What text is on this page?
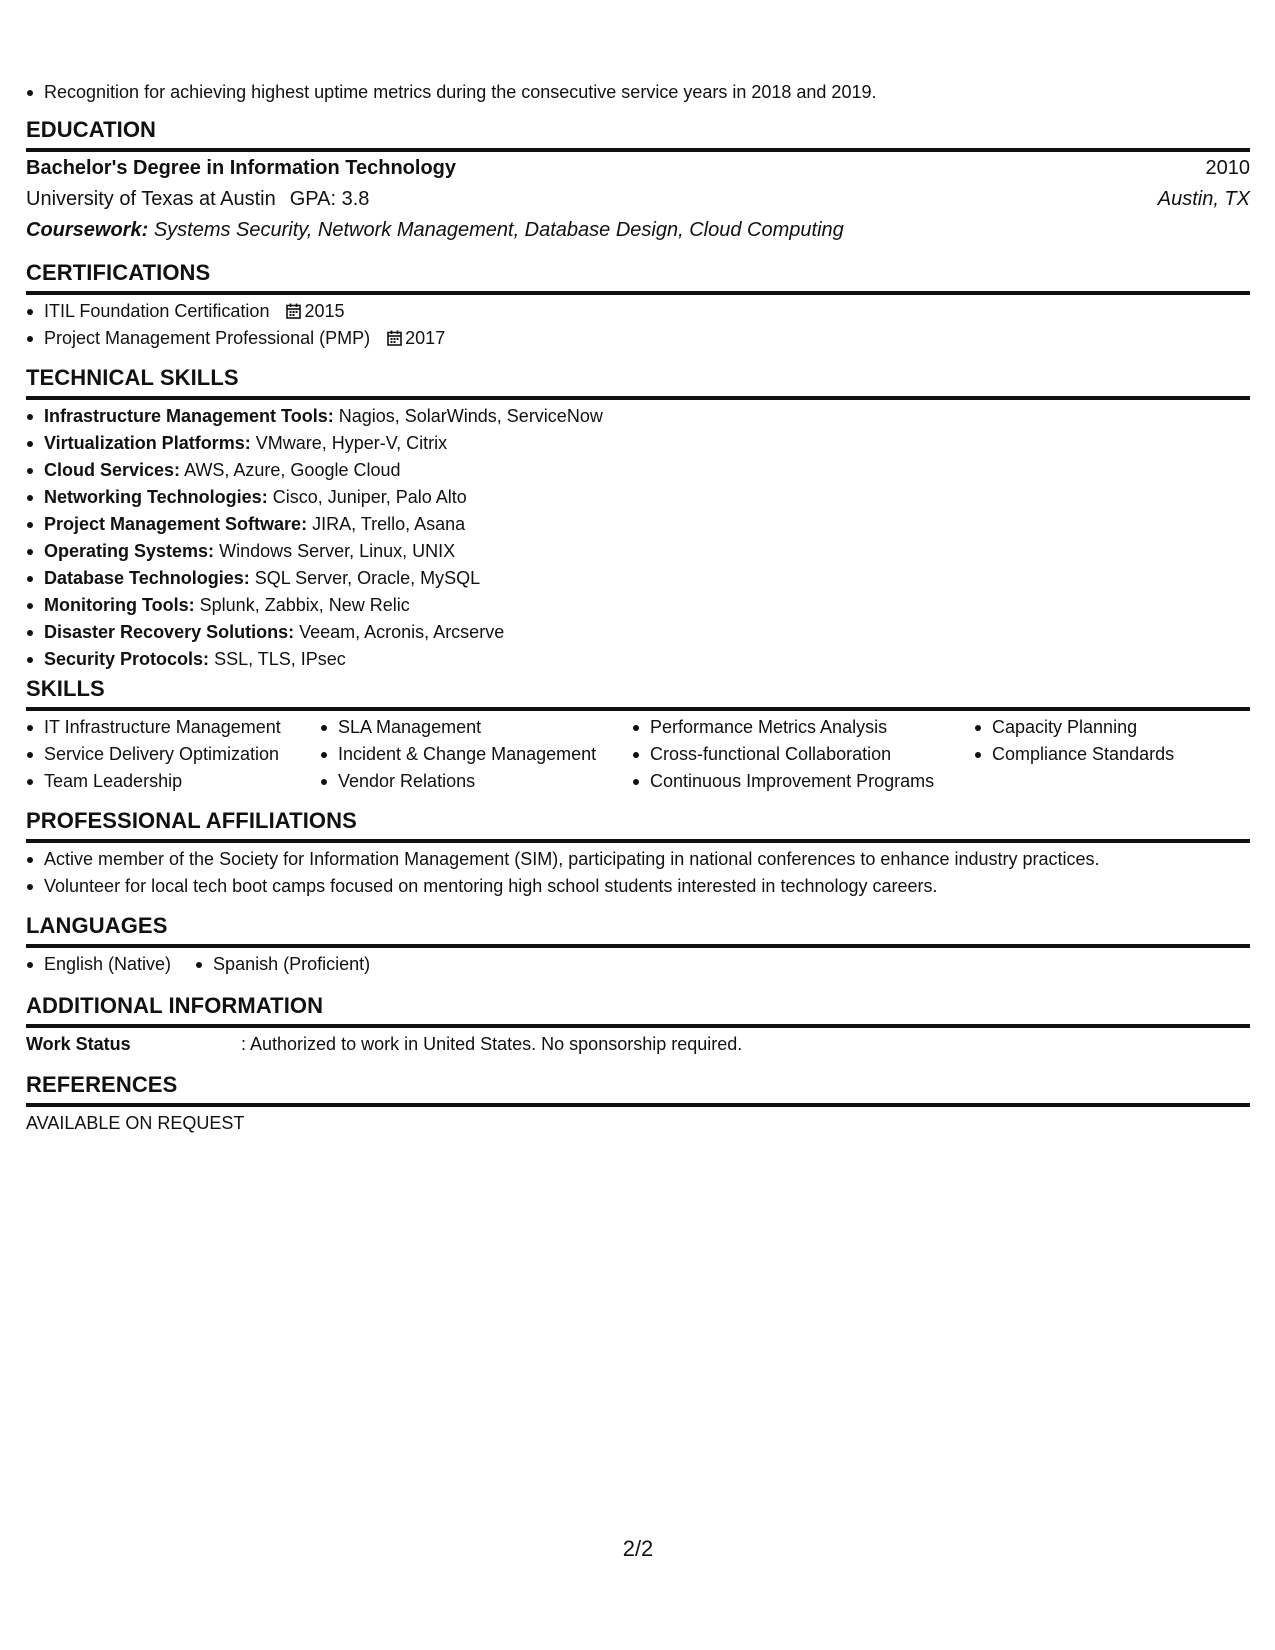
Recognition for achieving highest uptime metrics during the consecutive service years in 2018 and 2019.
EDUCATION
Bachelor's Degree in Information Technology	2010
University of Texas at Austin GPA: 3.8	Austin, TX
Coursework: Systems Security, Network Management, Database Design, Cloud Computing
CERTIFICATIONS
ITIL Foundation Certification 2015
Project Management Professional (PMP) 2017
TECHNICAL SKILLS
Infrastructure Management Tools: Nagios, SolarWinds, ServiceNow
Virtualization Platforms: VMware, Hyper-V, Citrix
Cloud Services: AWS, Azure, Google Cloud
Networking Technologies: Cisco, Juniper, Palo Alto
Project Management Software: JIRA, Trello, Asana
Operating Systems: Windows Server, Linux, UNIX
Database Technologies: SQL Server, Oracle, MySQL
Monitoring Tools: Splunk, Zabbix, New Relic
Disaster Recovery Solutions: Veeam, Acronis, Arcserve
Security Protocols: SSL, TLS, IPsec
SKILLS
IT Infrastructure Management
Service Delivery Optimization
Team Leadership
SLA Management
Incident & Change Management
Vendor Relations
Performance Metrics Analysis
Cross-functional Collaboration
Continuous Improvement Programs
Capacity Planning
Compliance Standards
PROFESSIONAL AFFILIATIONS
Active member of the Society for Information Management (SIM), participating in national conferences to enhance industry practices.
Volunteer for local tech boot camps focused on mentoring high school students interested in technology careers.
LANGUAGES
English (Native)	Spanish (Proficient)
ADDITIONAL INFORMATION
Work Status	: Authorized to work in United States. No sponsorship required.
REFERENCES
AVAILABLE ON REQUEST
2/2
